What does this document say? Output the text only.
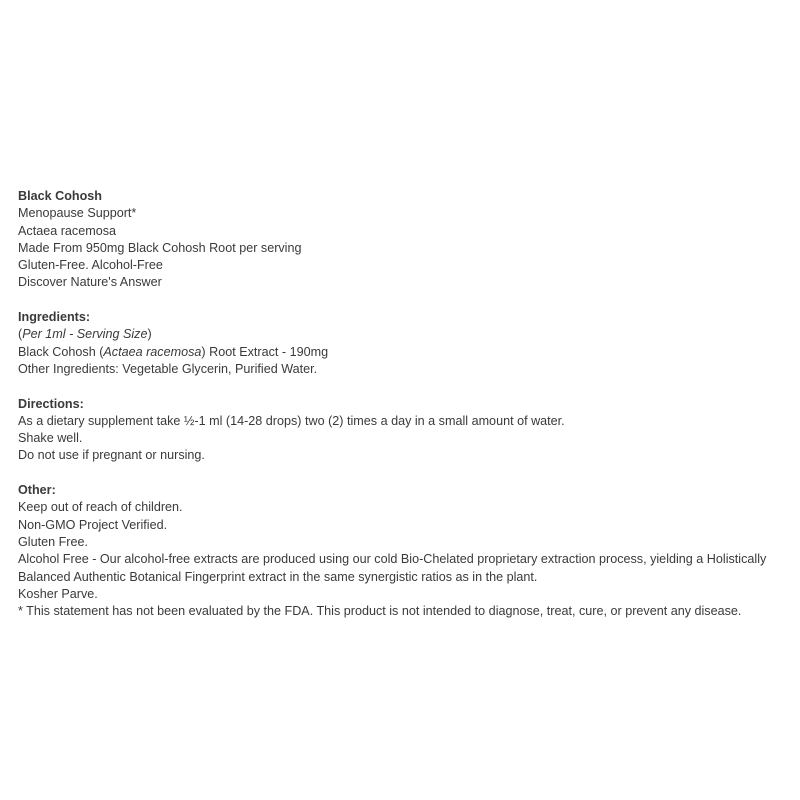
Black Cohosh
Menopause Support*
Actaea racemosa
Made From 950mg Black Cohosh Root per serving
Gluten-Free. Alcohol-Free
Discover Nature's Answer
Ingredients:
(Per 1ml - Serving Size)
Black Cohosh (Actaea racemosa) Root Extract - 190mg
Other Ingredients: Vegetable Glycerin, Purified Water.
Directions:
As a dietary supplement take ½-1 ml (14-28 drops) two (2) times a day in a small amount of water.
Shake well.
Do not use if pregnant or nursing.
Other:
Keep out of reach of children.
Non-GMO Project Verified.
Gluten Free.
Alcohol Free - Our alcohol-free extracts are produced using our cold Bio-Chelated proprietary extraction process, yielding a Holistically Balanced Authentic Botanical Fingerprint extract in the same synergistic ratios as in the plant.
Kosher Parve.
* This statement has not been evaluated by the FDA. This product is not intended to diagnose, treat, cure, or prevent any disease.
